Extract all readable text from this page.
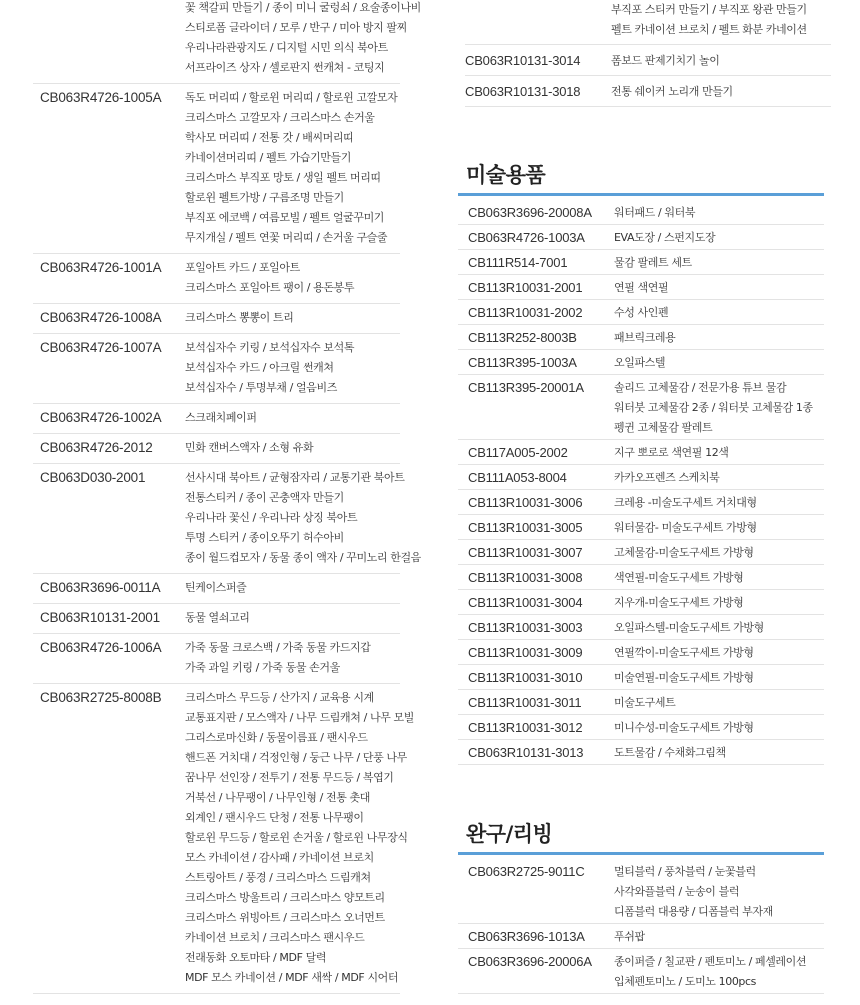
꽃 책갈피 만들기 / 종이 미니 굴렁쇠 / 요술종이나비
스티로폼 글라이더 / 모루 / 반구 / 미아 방지 팔찌
우리나라관광지도 / 디지털 시민 의식 북아트
서프라이즈 상자 / 셀로판지 썬캐쳐 - 코팅지
CB063R4726-1005A	독도 머리띠 / 할로윈 머리띠 / 할로윈 고깔모자
크리스마스 고깔모자 / 크리스마스 손거울
학사모 머리띠 / 전통 갓 / 배씨머리띠
카네이션머리띠 / 펠트 가습기만들기
크리스마스 부직포 망토 / 생일 펠트 머리띠
할로윈 펠트가방 / 구름조명 만들기
부직포 에코백 / 여름모빌 / 펠트 얼굴꾸미기
무지개실 / 펠트 연꽃 머리띠 / 손거울 구슬줄
CB063R4726-1001A	포일아트 카드 / 포일아트
크리스마스 포일아트 팽이 / 용돈봉투
CB063R4726-1008A	크리스마스 뽕뽕이 트리
CB063R4726-1007A	보석십자수 키링 / 보석십자수 보석톡
보석십자수 카드 / 아크릴 썬캐쳐
보석십자수 / 투명부채 / 얼음비즈
CB063R4726-1002A	스크래치페이퍼
CB063R4726-2012	민화 캔버스액자 / 소형 유화
CB063D030-2001	선사시대 북아트 / 균형잠자리 / 교통기관 북아트
전통스티커 / 종이 곤충액자 만들기
우리나라 꽃신 / 우리나라 상징 북아트
투명 스티커 / 종이오뚜기 허수아비
종이 월드컵모자 / 동물 종이 액자 / 꾸미노리 한걸음
CB063R3696-0011A	틴케이스퍼즐
CB063R10131-2001	동물 열쇠고리
CB063R4726-1006A	가죽 동물 크로스백 / 가죽 동물 카드지갑
가죽 과일 키링 / 가죽 동물 손거울
CB063R2725-8008B	크리스마스 무드등 / 산가지 / 교육용 시계
교통표지판 / 모스액자 / 나무 드림캐쳐 / 나무 모빌
그리스로마신화 / 동물이름표 / 팬시우드
핸드폰 거치대 / 걱정인형 / 둥근 나무 / 단풍 나무
꿈나무 선인장 / 전투기 / 전통 무드등 / 복엽기
거북선 / 나무팽이 / 나무인형 / 전통 촛대
외계인 / 팬시우드 단청 / 전통 나무팽이
할로윈 무드등 / 할로윈 손거울 / 할로윈 나무장식
모스 카네이션 / 감사패 / 카네이션 브로치
스트링아트 / 풍경 / 크리스마스 드림캐쳐
크리스마스 방울트리 / 크리스마스 양모트리
크리스마스 위빙아트 / 크리스마스 오너먼트
카네이션 브로치 / 크리스마스 팬시우드
전래동화 오토마타 / MDF 달력
MDF 모스 카네이션 / MDF 새싹 / MDF 시어터
부직포 스티커 만들기 / 부직포 왕관 만들기
펠트 카네이션 브로치 / 펠트 화분 카네이션
CB063R10131-3014	폼보드 판제기치기 놀이
CB063R10131-3018	전통 쉐이커 노리개 만들기
미술용품
CB063R3696-20008A	워터패드 / 워터북
CB063R4726-1003A	EVA도장 / 스펀지도장
CB111R514-7001	물감 팔레트 세트
CB113R10031-2001	연필 색연필
CB113R10031-2002	수성 사인펜
CB113R252-8003B	패브릭크레용
CB113R395-1003A	오일파스텔
CB113R395-20001A	솔리드 고체물감 / 전문가용 튜브 물감
워터붓 고체물감 2종 / 워터붓 고체물감 1종
펭귄 고체물감 팔레트
CB117A005-2002	지구 뽀로로 색연필 12색
CB111A053-8004	카카오프렌즈 스케치북
CB113R10031-3006	크레용 -미술도구세트 거치대형
CB113R10031-3005	워터물감- 미술도구세트 가방형
CB113R10031-3007	고체물감-미술도구세트 가방형
CB113R10031-3008	색연필-미술도구세트 가방형
CB113R10031-3004	지우개-미술도구세트 가방형
CB113R10031-3003	오일파스텔-미술도구세트 가방형
CB113R10031-3009	연필깍이-미술도구세트 가방형
CB113R10031-3010	미술연필-미술도구세트 가방형
CB113R10031-3011	미술도구세트
CB113R10031-3012	미니수성-미술도구세트 가방형
CB063R10131-3013	도트물감 / 수채화그림책
완구/리빙
CB063R2725-9011C	멀티블럭 / 풍차블럭 / 눈꽃블럭
사각와플블럭 / 눈송이 블럭
디폼블럭 대용량 / 디폼블럭 부자재
CB063R3696-1013A	푸쉬팝
CB063R3696-20006A	종이퍼즐 / 칠교판 / 펜토미노 / 페셀레이션
입체펜토미노 / 도미노 100pcs
